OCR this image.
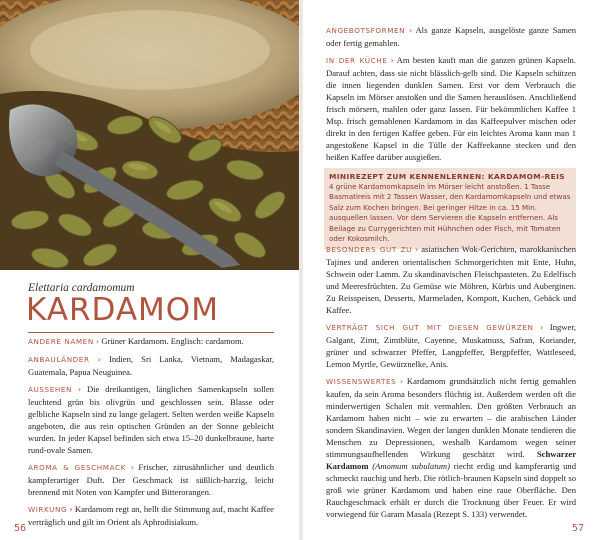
Elettaria cardamomum
KARDAMOM
ANDERE NAMEN › Grüner Kardamom. Englisch: cardamom.
ANBAULÄNDER › Indien, Sri Lanka, Vietnam, Madagaskar, Guatemala, Papua Neuguinea.
AUSSEHEN › Die dreikantigen, länglichen Samenkapseln sollen leuchtend grün bis olivgrün und geschlossen sein. Blasse oder gelbliche Kapseln sind zu lange gelagert. Selten werden weiße Kapseln angeboten, die aus rein optischen Gründen an der Sonne gebleicht wurden. In jeder Kapsel befinden sich etwa 15–20 dunkelbraune, harte rund-ovale Samen.
AROMA & GESCHMACK › Frischer, zitrusähnlicher und deutlich kampferartiger Duft. Der Geschmack ist süßlich-harzig, leicht brennend mit Noten von Kampfer und Bitterorangen.
WIRKUNG › Kardamom regt an, hellt die Stimmung auf, macht Kaffee verträglich und gilt im Orient als Aphrodisiakum.
56
ANGEBOTSFORMEN › Als ganze Kapseln, ausgelöste ganze Samen oder fertig gemahlen.
IN DER KÜCHE › Am besten kauft man die ganzen grünen Kapseln. Darauf achten, dass sie nicht blässlich-gelb sind. Die Kapseln schützen die innen liegenden dunklen Samen. Erst vor dem Verbrauch die Kapseln im Mörser anstoßen und die Samen herauslösen. Anschließend frisch mörsern, mahlen oder ganz lassen. Für bekömmlichen Kaffee 1 Msp. frisch gemahlenen Kardamom in das Kaffeepulver mischen oder direkt in den fertigen Kaffee geben. Für ein leichtes Aroma kann man 1 angestoßene Kapsel in die Tülle der Kaffeekanne stecken und den heißen Kaffee darüber ausgießen.
MINIREZEPT ZUM KENNENLERNEN: KARDAMOM-REIS
4 grüne Kardamomkapseln im Mörser leicht anstoßen. 1 Tasse Basmatireis mit 2 Tassen Wasser, den Kardamomkapseln und etwas Salz zum Kochen bringen. Bei geringer Hitze in ca. 15 Min. ausquellen lassen. Vor dem Servieren die Kapseln entfernen. Als Beilage zu Currygerichten mit Hühnchen oder Fisch, mit Tomaten oder Kokosmilch.
BESONDERS GUT ZU › asiatischen Wok-Gerichten, marokkanischen Tajines und anderen orientalischen Schmorgerichten mit Ente, Huhn, Schwein oder Lamm. Zu skandinavischen Fleischpasteten. Zu Edelfisch und Meeresfrüchten. Zu Gemüse wie Möhren, Kürbis und Auberginen. Zu Reisspeisen, Desserts, Marmeladen, Kompott, Kuchen, Gebäck und Kaffee.
VERTRÄGT SICH GUT MIT DIESEN GEWÜRZEN › Ingwer, Galgant, Zimt, Zimtblüte, Cayenne, Muskatnuss, Safran, Koriander, grüner und schwarzer Pfeffer, Langpfeffer, Bergpfeffer, Wattleseed, Lemon Myrtle, Gewürznelke, Anis.
WISSENSWERTES › Kardamom grundsätzlich nicht fertig gemahlen kaufen, da sein Aroma besonders flüchtig ist. Außerdem werden oft die minderwertigen Schalen mit vermahlen. Den größten Verbrauch an Kardamom haben nicht – wie zu erwarten – die arabischen Länder sondern Skandinavien. Wegen der langen dunklen Monate tendieren die Menschen zu Depressionen, weshalb Kardamom wegen seiner stimmungsaufhellenden Wirkung geschätzt wird. Schwarzer Kardamom (Amomum subulatum) riecht erdig und kampferartig und schmeckt rauchig und herb. Die rötlich-braunen Kapseln sind doppelt so groß wie grüner Kardamom und haben eine raue Oberfläche. Den Rauchgeschmack erhält er durch die Trocknung über Feuer. Er wird vorwiegend für Garam Masala (Rezept S. 133) verwendet.
57
